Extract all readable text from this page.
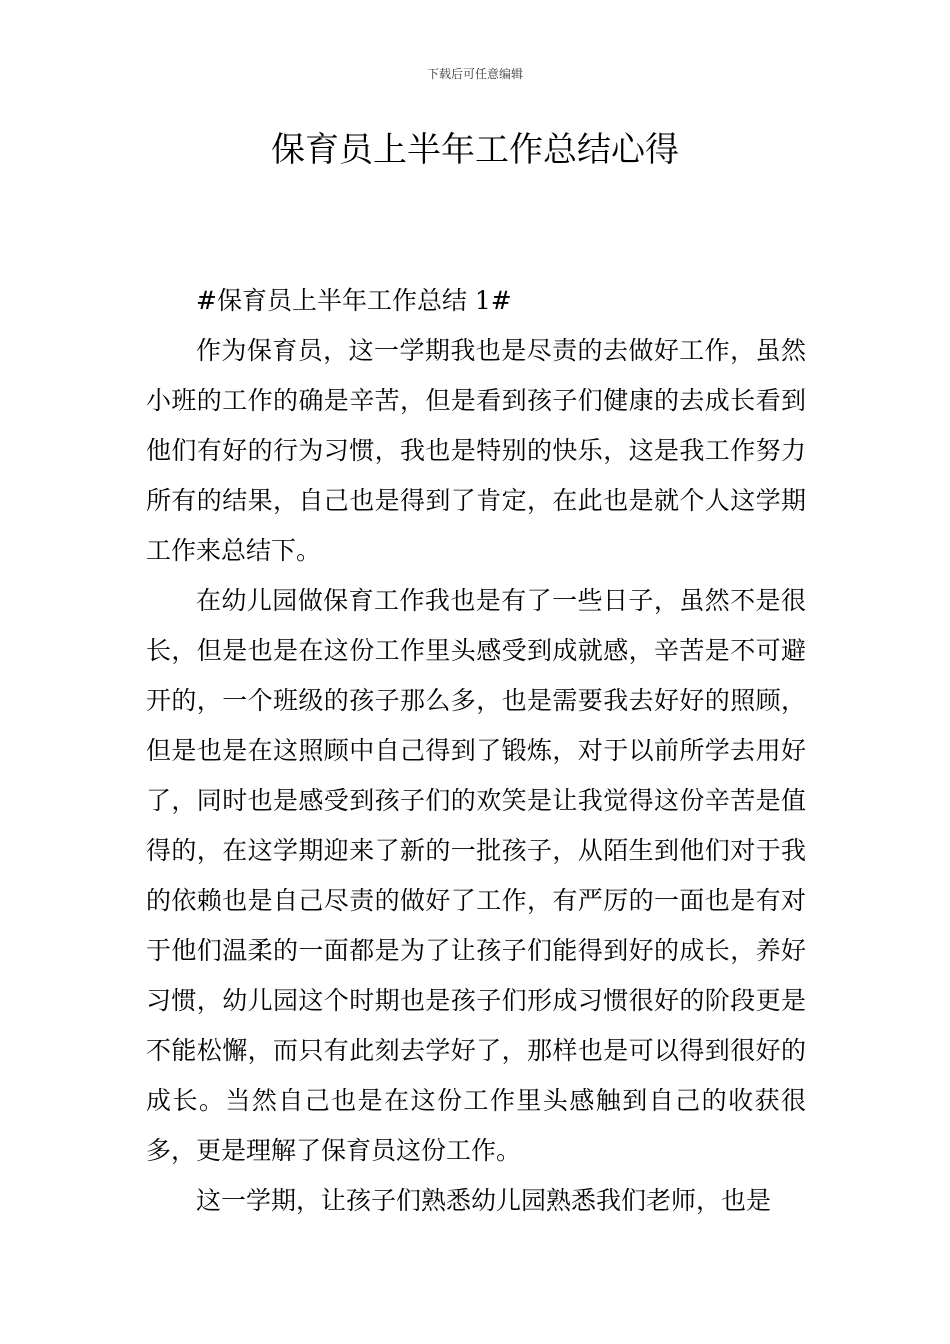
下载后可任意编辑
保育员上半年工作总结心得

#保育员上半年工作总结 1#

作为保育员，这一学期我也是尽责的去做好工作，虽然小班的工作的确是辛苦，但是看到孩子们健康的去成长看到他们有好的行为习惯，我也是特别的快乐，这是我工作努力所有的结果，自己也是得到了肯定，在此也是就个人这学期工作来总结下。

在幼儿园做保育工作我也是有了一些日子，虽然不是很长，但是也是在这份工作里头感受到成就感，辛苦是不可避开的，一个班级的孩子那么多，也是需要我去好好的照顾，但是也是在这照顾中自己得到了锻炼，对于以前所学去用好了，同时也是感受到孩子们的欢笑是让我觉得这份辛苦是值得的，在这学期迎来了新的一批孩子，从陌生到他们对于我的依赖也是自己尽责的做好了工作，有严厉的一面也是有对于他们温柔的一面都是为了让孩子们能得到好的成长，养好习惯，幼儿园这个时期也是孩子们形成习惯很好的阶段更是不能松懈，而只有此刻去学好了，那样也是可以得到很好的成长。当然自己也是在这份工作里头感触到自己的收获很多，更是理解了保育员这份工作。

这一学期，让孩子们熟悉幼儿园熟悉我们老师，也是
